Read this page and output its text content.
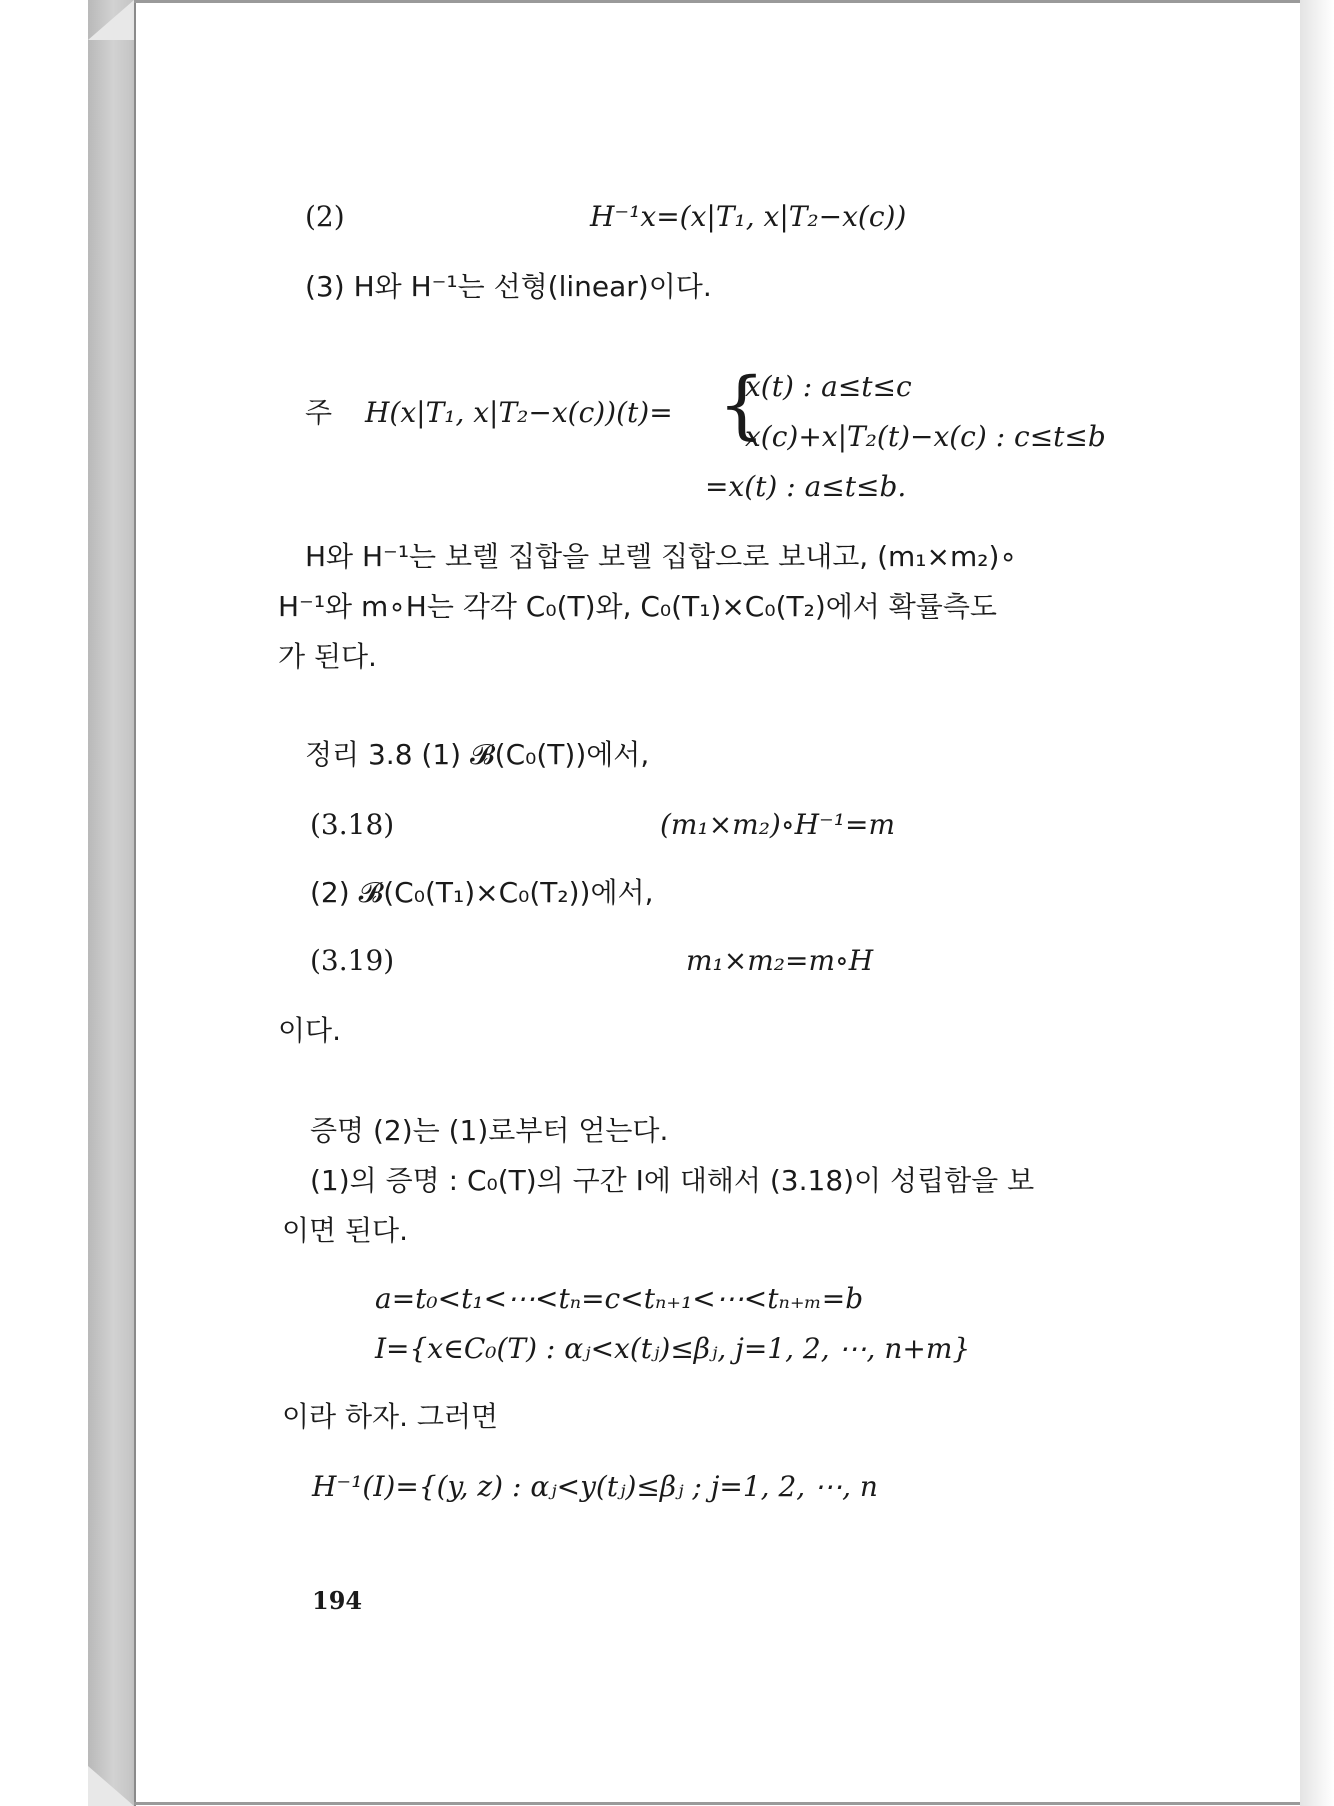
(2)	H⁻¹x=(x|T₁, x|T₂−x(c))
(3) H와 H⁻¹는 선형(linear)이다.
주 H(x|T₁, x|T₂−x(c))(t)= {
x(t) : a≤t≤c
x(c)+x|T₂(t)−x(c) : c≤t≤b
=x(t) : a≤t≤b.
H와 H⁻¹는 보렐 집합을 보렐 집합으로 보내고, (m₁×m₂)∘
H⁻¹와 m∘H는 각각 C₀(T)와, C₀(T₁)×C₀(T₂)에서 확률측도
가 된다.
정리 3.8 (1) 𝓑(C₀(T))에서,
(3.18)	(m₁×m₂)∘H⁻¹=m
(2) 𝓑(C₀(T₁)×C₀(T₂))에서,
(3.19)	m₁×m₂=m∘H
이다.
증명 (2)는 (1)로부터 얻는다.
(1)의 증명 : C₀(T)의 구간 I에 대해서 (3.18)이 성립함을 보
이면 된다.
a=t₀<t₁<⋯<tₙ=c<tₙ₊₁<⋯<tₙ₊ₘ=b
I={x∈C₀(T) : αⱼ<x(tⱼ)≤βⱼ, j=1, 2, ⋯, n+m}
이라 하자. 그러면
H⁻¹(I)={(y, z) : αⱼ<y(tⱼ)≤βⱼ ; j=1, 2, ⋯, n
194
